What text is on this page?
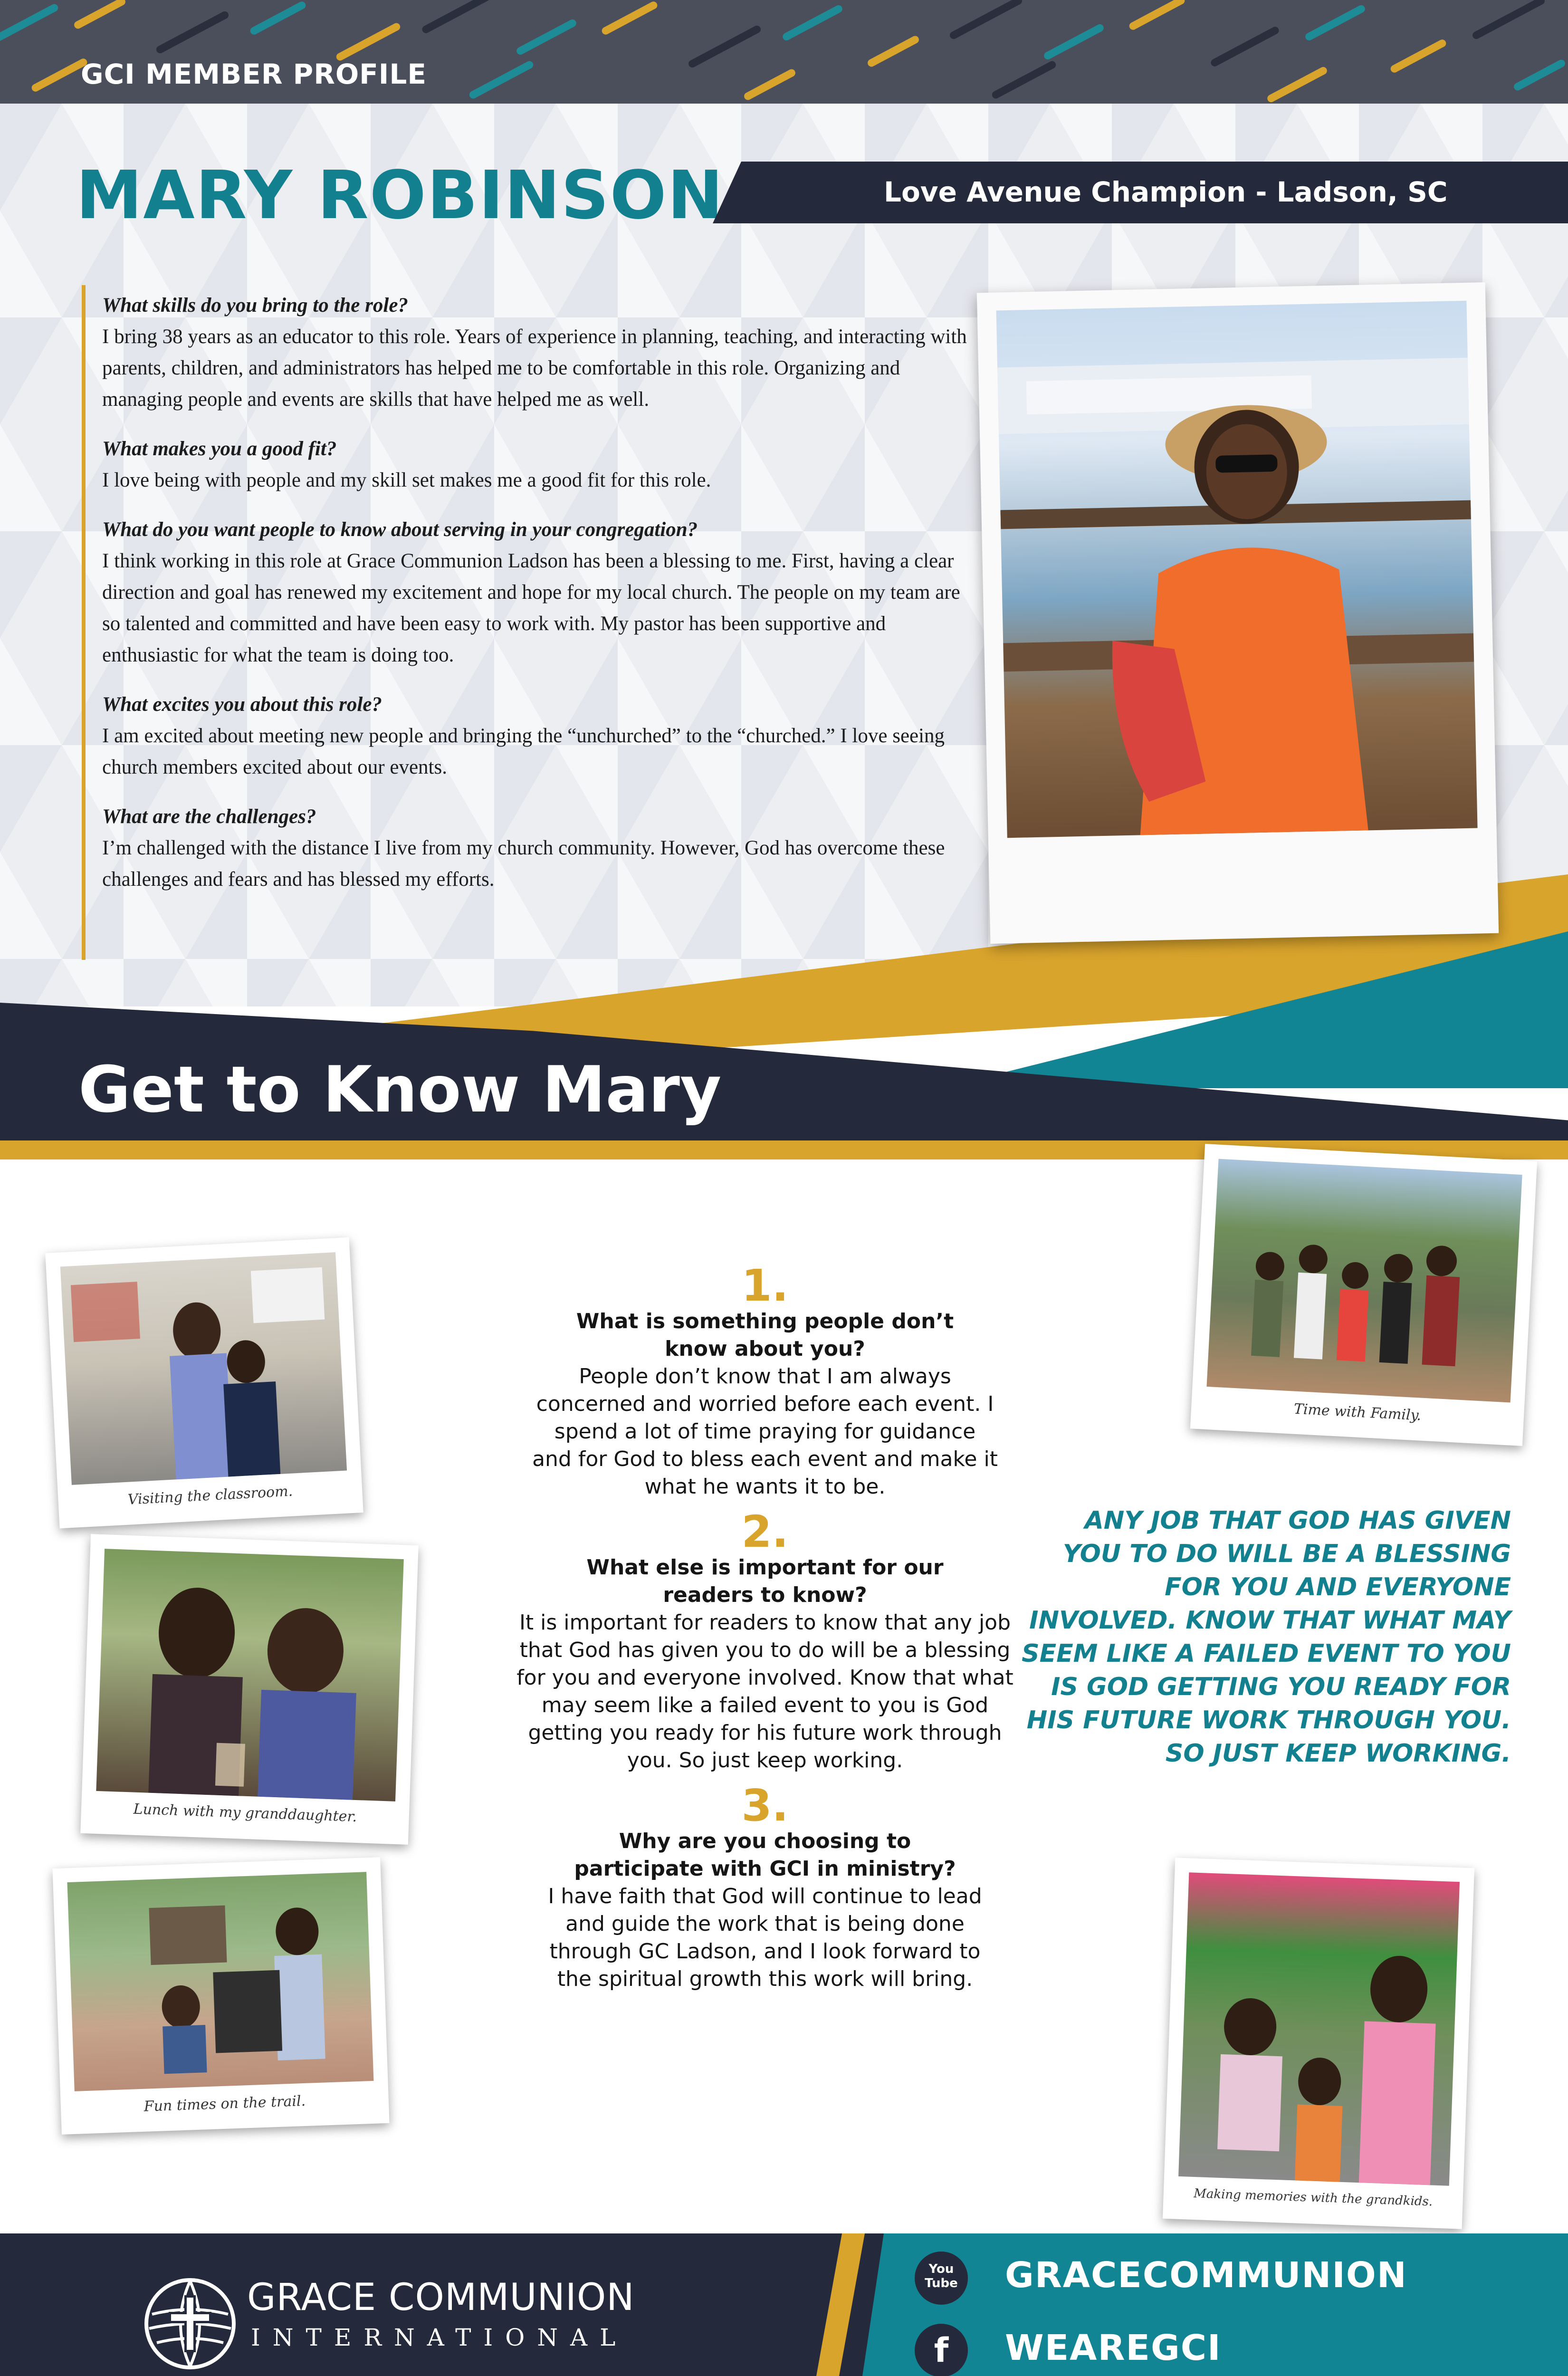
GCI MEMBER PROFILE
MARY ROBINSON	Love Avenue Champion - Ladson, SC

What skills do you bring to the role?

I bring 38 years as an educator to this role. Years of experience in planning, teaching, and interacting with parents, children, and administrators has helped me to be comfortable in this role. Organizing and managing people and events are skills that have helped me as well.

What makes you a good fit?

I love being with people and my skill set makes me a good fit for this role.

What do you want people to know about serving in your congregation?

I think working in this role at Grace Communion Ladson has been a blessing to me. First, having a clear direction and goal has renewed my excitement and hope for my local church. The people on my team are so talented and committed and have been easy to work with. My pastor has been supportive and enthusiastic for what the team is doing too.

What excites you about this role?

I am excited about meeting new people and bringing the “unchurched” to the “churched.” I love seeing church members excited about our events.

What are the challenges?

I’m challenged with the distance I live from my church community. However, God has overcome these challenges and fears and has blessed my efforts.

Get to Know Mary
Visiting the classroom.
Lunch with my granddaughter.
Fun times on the trail.
Time with Family.
Making memories with the grandkids.

1.

What is something people don’t know about you?

People don’t know that I am always concerned and worried before each event. I spend a lot of time praying for guidance and for God to bless each event and make it what he wants it to be.

2.

What else is important for our readers to know?

It is important for readers to know that any job that God has given you to do will be a blessing for you and everyone involved. Know that what may seem like a failed event to you is God getting you ready for his future work through you. So just keep working.

3.

Why are you choosing to participate with GCI in ministry?

I have faith that God will continue to lead and guide the work that is being done through GC Ladson, and I look forward to the spiritual growth this work will bring.

ANY JOB THAT GOD HAS GIVEN YOU TO DO WILL BE A BLESSING FOR YOU AND EVERYONE INVOLVED. KNOW THAT WHAT MAY SEEM LIKE A FAILED EVENT TO YOU IS GOD GETTING YOU READY FOR HIS FUTURE WORK THROUGH YOU. SO JUST KEEP WORKING.
GRACE COMMUNION
INTERNATIONAL
You Tube GRACECOMMUNION
f	WEAREGCI
